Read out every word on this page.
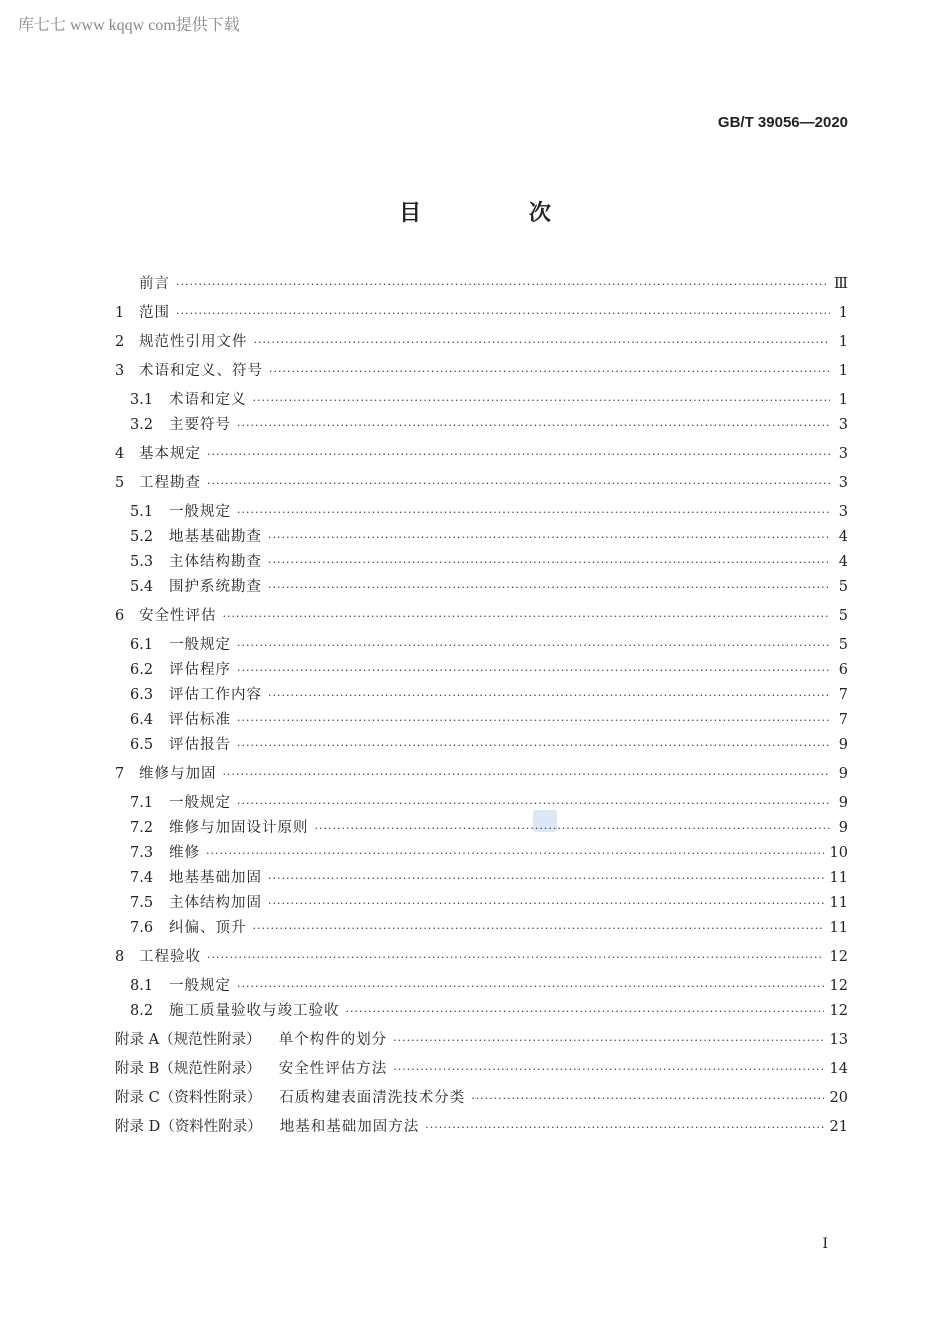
库七七 www kqqw com提供下载
GB/T 39056—2020
目 次
前言 ·····	Ⅲ
1	范围 ·····	1
2	规范性引用文件 ·····	1
3	术语和定义、符号 ·····	1
3.1	术语和定义 ·····	1
3.2	主要符号 ·····	3
4	基本规定 ·····	3
5	工程勘查 ·····	3
5.1	一般规定 ·····	3
5.2	地基基础勘查 ·····	4
5.3	主体结构勘查 ·····	4
5.4	围护系统勘查 ·····	5
6	安全性评估 ·····	5
6.1	一般规定 ·····	5
6.2	评估程序 ·····	6
6.3	评估工作内容 ·····	7
6.4	评估标准 ·····	7
6.5	评估报告 ·····	9
7	维修与加固 ·····	9
7.1	一般规定 ·····	9
7.2	维修与加固设计原则 ·····	9
7.3	维修 ·····	10
7.4	地基基础加固 ·····	11
7.5	主体结构加固 ·····	11
7.6	纠偏、顶升 ·····	11
8	工程验收 ·····	12
8.1	一般规定 ·····	12
8.2	施工质量验收与竣工验收 ·····	12
附录 A（规范性附录） 单个构件的划分 ·····	13
附录 B（规范性附录） 安全性评估方法 ·····	14
附录 C（资料性附录） 石质构建表面清洗技术分类 ·····	20
附录 D（资料性附录） 地基和基础加固方法 ·····	21
I
